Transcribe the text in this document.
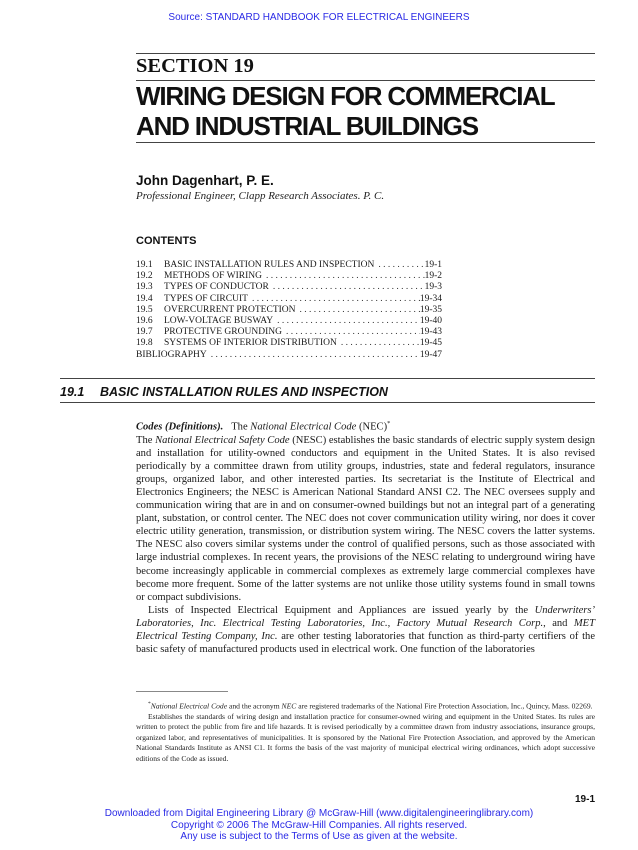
Source: STANDARD HANDBOOK FOR ELECTRICAL ENGINEERS
SECTION 19
WIRING DESIGN FOR COMMERCIAL
AND INDUSTRIAL BUILDINGS
John Dagenhart, P. E.
Professional Engineer, Clapp Research Associates. P. C.
CONTENTS
19.1	BASIC INSTALLATION RULES AND INSPECTION . . .	19-1
19.2	METHODS OF WIRING . . .	19-2
19.3	TYPES OF CONDUCTOR . . .	19-3
19.4	TYPES OF CIRCUIT . . .	19-34
19.5	OVERCURRENT PROTECTION . . .	19-35
19.6	LOW-VOLTAGE BUSWAY . . .	19-40
19.7	PROTECTIVE GROUNDING . . .	19-43
19.8	SYSTEMS OF INTERIOR DISTRIBUTION . . .	19-45
BIBLIOGRAPHY . . .	19-47
19.1 BASIC INSTALLATION RULES AND INSPECTION

Codes (Definitions). The National Electrical Code (NEC)*

The National Electrical Safety Code (NESC) establishes the basic standards of electric supply system design and installation for utility-owned conductors and equipment in the United States. It is also revised periodically by a committee drawn from utility groups, industries, state and federal regulators, insurance groups, organized labor, and other interested parties. Its secretariat is the Institute of Electrical and Electronics Engineers; the NESC is American National Standard ANSI C2. The NEC oversees supply and communication wiring that are in and on consumer-owned buildings but not an integral part of a generating plant, substation, or control center. The NEC does not cover communication utility wiring, nor does it cover electric utility generation, transmission, or distribution system wiring. The NESC covers the latter systems. The NESC also covers similar systems under the control of qualified persons, such as those associated with large industrial complexes. In recent years, the provisions of the NESC relating to underground wiring have become increasingly applicable in commercial complexes as extremely large commercial complexes have become more frequent. Some of the latter systems are not unlike those utility systems found in small towns or compact subdivisions.

Lists of Inspected Electrical Equipment and Appliances are issued yearly by the Underwriters’ Laboratories, Inc. Electrical Testing Laboratories, Inc., Factory Mutual Research Corp., and MET Electrical Testing Company, Inc. are other testing laboratories that function as third-party certifiers of the basic safety of manufactured products used in electrical work. One function of the laboratories

*National Electrical Code and the acronym NEC are registered trademarks of the National Fire Protection Association, Inc., Quincy, Mass. 02269.

Establishes the standards of wiring design and installation practice for consumer-owned wiring and equipment in the United States. Its rules are written to protect the public from fire and life hazards. It is revised periodically by a committee drawn from industry associations, insurance groups, organized labor, and representatives of municipalities. It is sponsored by the National Fire Protection Association, and approved by the American National Standards Institute as ANSI C1. It forms the basis of the vast majority of municipal electrical wiring ordinances, which adopt successive editions of the Code as issued.

19-1
Downloaded from Digital Engineering Library @ McGraw-Hill (www.digitalengineeringlibrary.com)
Copyright © 2006 The McGraw-Hill Companies. All rights reserved.
Any use is subject to the Terms of Use as given at the website.
